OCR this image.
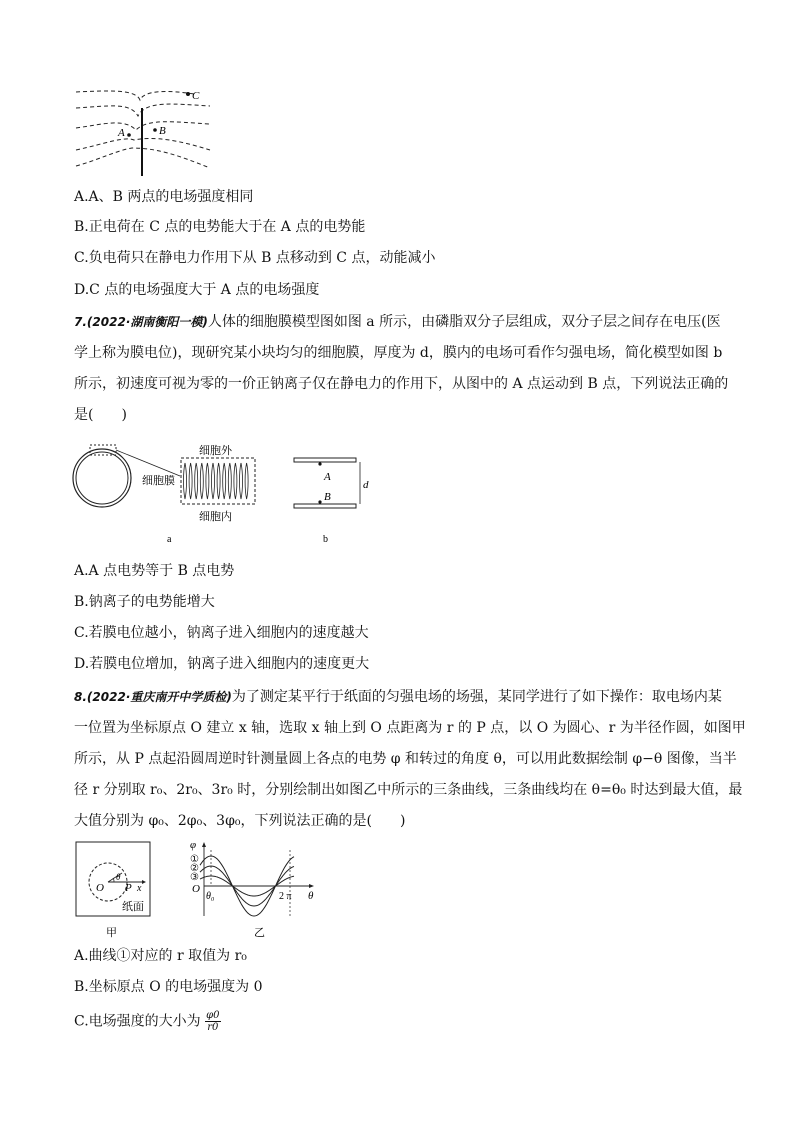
A	B
C
A.A、B 两点的电场强度相同
B.正电荷在 C 点的电势能大于在 A 点的电势能
C.负电荷只在静电力作用下从 B 点移动到 C 点，动能减小
D.C 点的电场强度大于 A 点的电场强度
7.(2022·湖南衡阳一模)人体的细胞膜模型图如图 a 所示，由磷脂双分子层组成，双分子层之间存在电压(医
学上称为膜电位)，现研究某小块均匀的细胞膜，厚度为 d，膜内的电场可看作匀强电场，简化模型如图 b
所示，初速度可视为零的一价正钠离子仅在静电力的作用下，从图中的 A 点运动到 B 点，下列说法正确的
是(　　)
细胞外
细胞膜
细胞内
a
A
B
d
b
A.A 点电势等于 B 点电势
B.钠离子的电势能增大
C.若膜电位越小，钠离子进入细胞内的速度越大
D.若膜电位增加，钠离子进入细胞内的速度更大
8.(2022·重庆南开中学质检)为了测定某平行于纸面的匀强电场的场强，某同学进行了如下操作：取电场内某
一位置为坐标原点 O 建立 x 轴，选取 x 轴上到 O 点距离为 r 的 P 点，以 O 为圆心、r 为半径作圆，如图甲
所示，从 P 点起沿圆周逆时针测量圆上各点的电势 φ 和转过的角度 θ，可以用此数据绘制 φ−θ 图像，当半
径 r 分别取 r₀、2r₀、3r₀ 时，分别绘制出如图乙中所示的三条曲线，三条曲线均在 θ=θ₀ 时达到最大值，最
大值分别为 φ₀、2φ₀、3φ₀，下列说法正确的是(　　)
θ
O P x
纸面
甲
φ
①
②
③
O
θ₀	2 π θ
乙
A.曲线①对应的 r 取值为 r₀
B.坐标原点 O 的电场强度为 0
C.电场强度的大小为 $\frac{\varphi 0}{r0}$
